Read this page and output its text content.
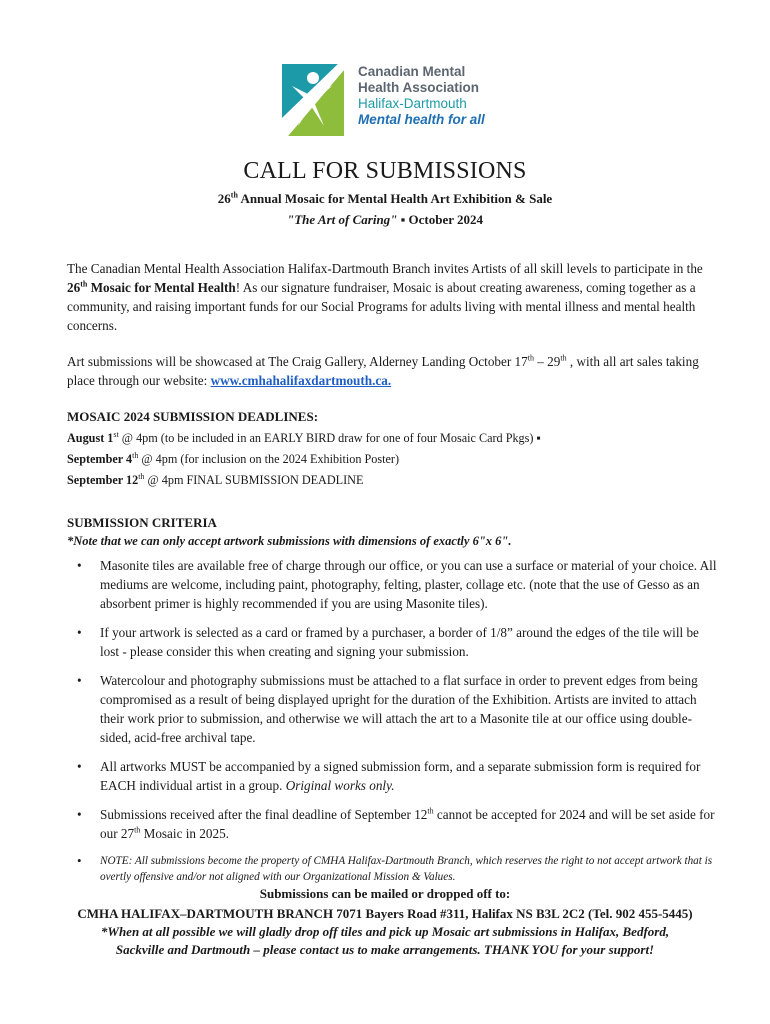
Canadian Mental
Health Association
Halifax-Dartmouth
Mental health for all
CALL FOR SUBMISSIONS
26th Annual Mosaic for Mental Health Art Exhibition & Sale
"The Art of Caring" ▪ October 2024
The Canadian Mental Health Association Halifax-Dartmouth Branch invites Artists of all skill levels to participate in the 26th Mosaic for Mental Health! As our signature fundraiser, Mosaic is about creating awareness, coming together as a community, and raising important funds for our Social Programs for adults living with mental illness and mental health concerns.
Art submissions will be showcased at The Craig Gallery, Alderney Landing October 17th – 29th , with all art sales taking place through our website: www.cmhahalifaxdartmouth.ca.
MOSAIC 2024 SUBMISSION DEADLINES:
August 1st @ 4pm (to be included in an EARLY BIRD draw for one of four Mosaic Card Pkgs) ▪
September 4th @ 4pm (for inclusion on the 2024 Exhibition Poster)
September 12th @ 4pm FINAL SUBMISSION DEADLINE
SUBMISSION CRITERIA
*Note that we can only accept artwork submissions with dimensions of exactly 6"x 6".
• Masonite tiles are available free of charge through our office, or you can use a surface or material of your choice. All mediums are welcome, including paint, photography, felting, plaster, collage etc. (note that the use of Gesso as an absorbent primer is highly recommended if you are using Masonite tiles).
• If your artwork is selected as a card or framed by a purchaser, a border of 1/8” around the edges of the tile will be lost - please consider this when creating and signing your submission.
• Watercolour and photography submissions must be attached to a flat surface in order to prevent edges from being compromised as a result of being displayed upright for the duration of the Exhibition. Artists are invited to attach their work prior to submission, and otherwise we will attach the art to a Masonite tile at our office using double-sided, acid-free archival tape.
• All artworks MUST be accompanied by a signed submission form, and a separate submission form is required for EACH individual artist in a group. Original works only.
• Submissions received after the final deadline of September 12th cannot be accepted for 2024 and will be set aside for our 27th Mosaic in 2025.
• NOTE: All submissions become the property of CMHA Halifax-Dartmouth Branch, which reserves the right to not accept artwork that is overtly offensive and/or not aligned with our Organizational Mission & Values.
Submissions can be mailed or dropped off to:
CMHA HALIFAX–DARTMOUTH BRANCH 7071 Bayers Road #311, Halifax NS B3L 2C2 (Tel. 902 455-5445)
*When at all possible we will gladly drop off tiles and pick up Mosaic art submissions in Halifax, Bedford,
Sackville and Dartmouth – please contact us to make arrangements. THANK YOU for your support!
